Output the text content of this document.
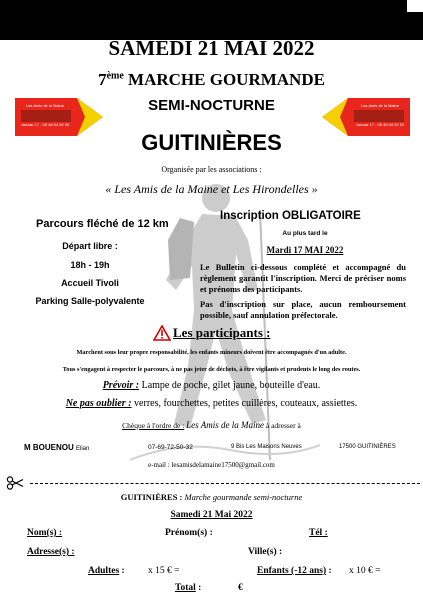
SAMEDI 21 MAI 2022
7ème MARCHE GOURMANDE
SEMI-NOCTURNE
GUITINIÈRES
Les Amis de la Maine
Jonzac 17 - 05 46 04 92 53
Les Amis de la Maine
Jonzac 17 - 05 46 04 92 53
Organisée par les associations :
« Les Amis de la Maine et Les Hirondelles »
Parcours fléché de 12 km
Départ libre :
18h - 19h
Accueil Tivoli
Parking Salle-polyvalente
Inscription OBLIGATOIRE
Au plus tard le
Mardi 17 MAI 2022
Le Bulletin ci-dessous complété et accompagné du règlement garantit l'inscription. Merci de préciser noms et prénoms des participants.
Pas d'inscription sur place, aucun remboursement possible, sauf annulation préfectorale.
Les participants :
Marchent sous leur propre responsabilité, les enfants mineurs doivent être accompagnés d'un adulte.
Tous s'engagent à respecter le parcours, à ne pas jeter de déchets, à être vigilants et prudents le long des routes.
Prévoir : Lampe de poche, gilet jaune, bouteille d'eau.
Ne pas oublier : verres, fourchettes, petites cuillères, couteaux, assiettes.
Chèque à l'ordre de : Les Amis de la Maine à adresser à
M BOUENOU Elian	07-69-72-50-32	9 Bis Les Maisons Neuves	17500 GUITINIÈRES
e-mail : lesamisdelamaine17500@gmail.com
GUITINIÈRES : Marche gourmande semi-nocturne
Samedi 21 Mai 2022
Nom(s) :	Prénom(s) :	Tél :
Adresse(s) :	Ville(s) :
Adultes : x 15 € =	Enfants (-12 ans) : x 10 € =
Total :	€
